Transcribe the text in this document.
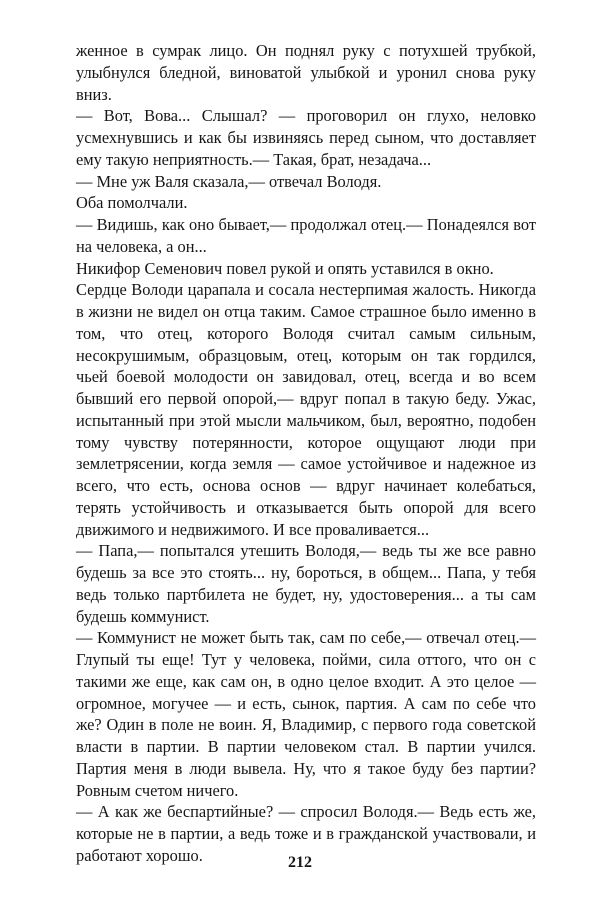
женное в сумрак лицо. Он поднял руку с потухшей трубкой, улыбнулся бледной, виноватой улыбкой и уронил снова руку вниз.

— Вот, Вова... Слышал? — проговорил он глухо, неловко усмехнувшись и как бы извиняясь перед сыном, что доставляет ему такую неприятность.— Такая, брат, незадача...

— Мне уж Валя сказала,— отвечал Володя.

Оба помолчали.

— Видишь, как оно бывает,— продолжал отец.— Понадеялся вот на человека, а он...

Никифор Семенович повел рукой и опять уставился в окно.

Сердце Володи царапала и сосала нестерпимая жалость. Никогда в жизни не видел он отца таким. Самое страшное было именно в том, что отец, которого Володя считал самым сильным, несокрушимым, образцовым, отец, которым он так гордился, чьей боевой молодости он завидовал, отец, всегда и во всем бывший его первой опорой,— вдруг попал в такую беду. Ужас, испытанный при этой мысли мальчиком, был, вероятно, подобен тому чувству потерянности, которое ощущают люди при землетрясении, когда земля — самое устойчивое и надежное из всего, что есть, основа основ — вдруг начинает колебаться, терять устойчивость и отказывается быть опорой для всего движимого и недвижимого. И все проваливается...

— Папа,— попытался утешить Володя,— ведь ты же все равно будешь за все это стоять... ну, бороться, в общем... Папа, у тебя ведь только партбилета не будет, ну, удостоверения... а ты сам будешь коммунист.

— Коммунист не может быть так, сам по себе,— отвечал отец.— Глупый ты еще! Тут у человека, пойми, сила оттого, что он с такими же еще, как сам он, в одно целое входит. А это целое — огромное, могучее — и есть, сынок, партия. А сам по себе что же? Один в поле не воин. Я, Владимир, с первого года советской власти в партии. В партии человеком стал. В партии учился. Партия меня в люди вывела. Ну, что я такое буду без партии? Ровным счетом ничего.

— А как же беспартийные? — спросил Володя.— Ведь есть же, которые не в партии, а ведь тоже и в гражданской участвовали, и работают хорошо.	212
